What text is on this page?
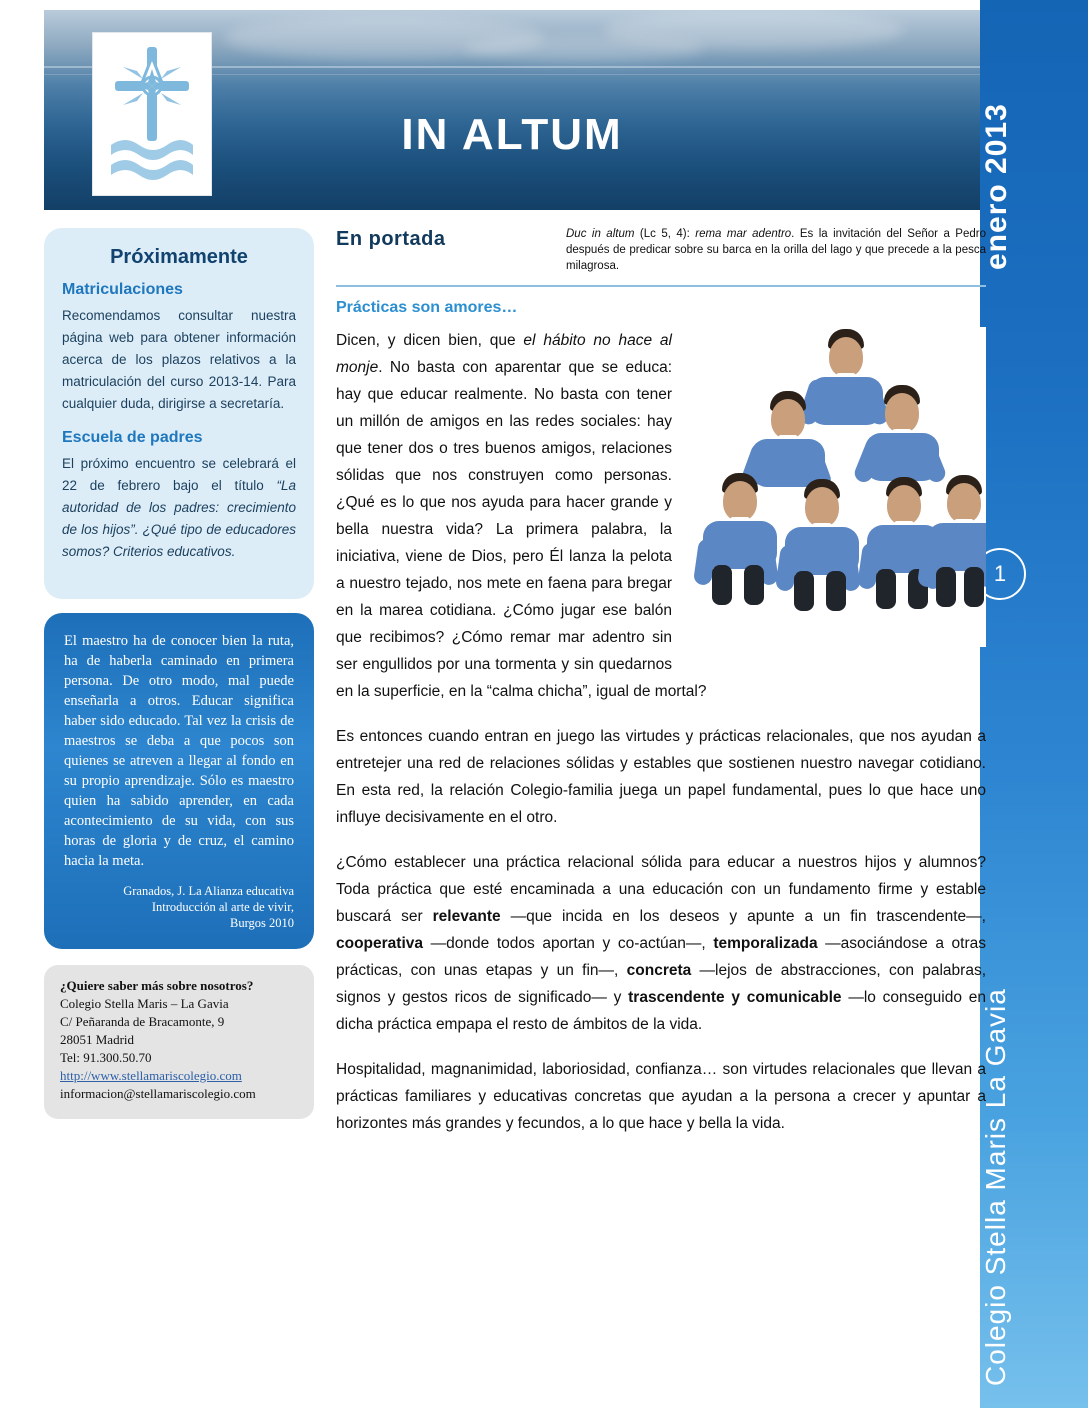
enero 2013
Colegio Stella Maris La Gavia
1
IN ALTUM
Próximamente
Matriculaciones

Recomendamos consultar nuestra página web para obtener información acerca de los plazos relativos a la matriculación del curso 2013-14. Para cualquier duda, dirigirse a secretaría.

Escuela de padres

El próximo encuentro se celebrará el 22 de febrero bajo el título “La autoridad de los padres: crecimiento de los hijos”. ¿Qué tipo de educadores somos? Criterios educativos.

El maestro ha de conocer bien la ruta, ha de haberla caminado en primera persona. De otro modo, mal puede enseñarla a otros. Educar significa haber sido educado. Tal vez la crisis de maestros se deba a que pocos son quienes se atreven a llegar al fondo en su propio aprendizaje. Sólo es maestro quien ha sabido aprender, en cada acontecimiento de su vida, con sus horas de gloria y de cruz, el camino hacia la meta.
Granados, J. La Alianza educativa
Introducción al arte de vivir,
Burgos 2010
¿Quiere saber más sobre nosotros?
Colegio Stella Maris – La Gavia
C/ Peñaranda de Bracamonte, 9
28051 Madrid
Tel: 91.300.50.70
http://www.stellamariscolegio.com
informacion@stellamariscolegio.com
En portada	Duc in altum (Lc 5, 4): rema mar adentro. Es la invitación del Señor a Pedro después de predicar sobre su barca en la orilla del lago y que precede a la pesca milagrosa.
Prácticas son amores…

Dicen, y dicen bien, que el hábito no hace al monje. No basta con aparentar que se educa: hay que educar realmente. No basta con tener un millón de amigos en las redes sociales: hay que tener dos o tres buenos amigos, relaciones sólidas que nos construyen como personas. ¿Qué es lo que nos ayuda para hacer grande y bella nuestra vida? La primera palabra, la iniciativa, viene de Dios, pero Él lanza la pelota a nuestro tejado, nos mete en faena para bregar en la marea cotidiana. ¿Cómo jugar ese balón que recibimos? ¿Cómo remar mar adentro sin ser engullidos por una tormenta y sin quedarnos en la superficie, en la “calma chicha”, igual de mortal?

Es entonces cuando entran en juego las virtudes y prácticas relacionales, que nos ayudan a entretejer una red de relaciones sólidas y estables que sostienen nuestro navegar cotidiano. En esta red, la relación Colegio-familia juega un papel fundamental, pues lo que hace uno influye decisivamente en el otro.

¿Cómo establecer una práctica relacional sólida para educar a nuestros hijos y alumnos? Toda práctica que esté encaminada a una educación con un fundamento firme y estable buscará ser relevante —que incida en los deseos y apunte a un fin trascendente—, cooperativa —donde todos aportan y co-actúan—, temporalizada —asociándose a otras prácticas, con unas etapas y un fin—, concreta —lejos de abstracciones, con palabras, signos y gestos ricos de significado— y trascendente y comunicable —lo conseguido en dicha práctica empapa el resto de ámbitos de la vida.

Hospitalidad, magnanimidad, laboriosidad, confianza… son virtudes relacionales que llevan a prácticas familiares y educativas concretas que ayudan a la persona a crecer y apuntar a horizontes más grandes y fecundos, a lo que hace y bella la vida.
